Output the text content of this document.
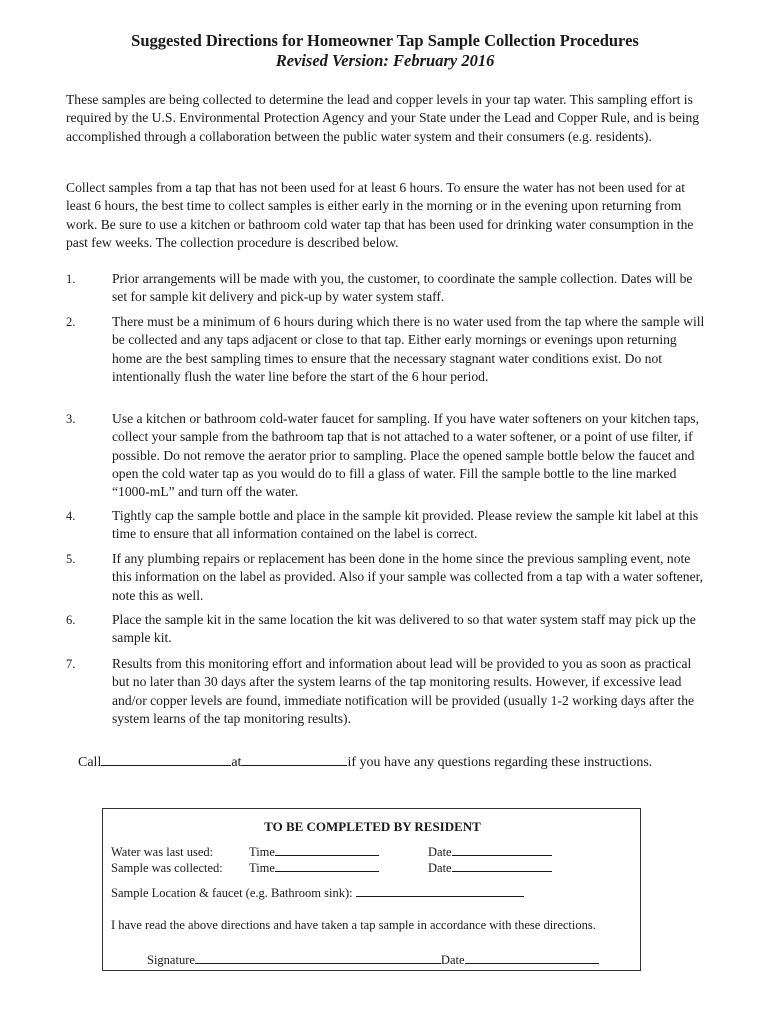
Suggested Directions for Homeowner Tap Sample Collection Procedures
Revised Version: February 2016

These samples are being collected to determine the lead and copper levels in your tap water. This sampling effort is required by the U.S. Environmental Protection Agency and your State under the Lead and Copper Rule, and is being accomplished through a collaboration between the public water system and their consumers (e.g. residents).

Collect samples from a tap that has not been used for at least 6 hours. To ensure the water has not been used for at least 6 hours, the best time to collect samples is either early in the morning or in the evening upon returning from work. Be sure to use a kitchen or bathroom cold water tap that has been used for drinking water consumption in the past few weeks. The collection procedure is described below.

1.	Prior arrangements will be made with you, the customer, to coordinate the sample collection. Dates will be set for sample kit delivery and pick-up by water system staff.
2.	There must be a minimum of 6 hours during which there is no water used from the tap where the sample will be collected and any taps adjacent or close to that tap. Either early mornings or evenings upon returning home are the best sampling times to ensure that the necessary stagnant water conditions exist. Do not intentionally flush the water line before the start of the 6 hour period.
3.	Use a kitchen or bathroom cold-water faucet for sampling. If you have water softeners on your kitchen taps, collect your sample from the bathroom tap that is not attached to a water softener, or a point of use filter, if possible. Do not remove the aerator prior to sampling. Place the opened sample bottle below the faucet and open the cold water tap as you would do to fill a glass of water. Fill the sample bottle to the line marked “1000-mL” and turn off the water.
4.	Tightly cap the sample bottle and place in the sample kit provided. Please review the sample kit label at this time to ensure that all information contained on the label is correct.
5.	If any plumbing repairs or replacement has been done in the home since the previous sampling event, note this information on the label as provided. Also if your sample was collected from a tap with a water softener, note this as well.
6.	Place the sample kit in the same location the kit was delivered to so that water system staff may pick up the sample kit.
7.	Results from this monitoring effort and information about lead will be provided to you as soon as practical but no later than 30 days after the system learns of the tap monitoring results. However, if excessive lead and/or copper levels are found, immediate notification will be provided (usually 1-2 working days after the system learns of the tap monitoring results).
Call	at	if you have any questions regarding these instructions.
TO BE COMPLETED BY RESIDENT
Water was last used:	Time	Date
Sample was collected: Time	Date
Sample Location & faucet (e.g. Bathroom sink):
I have read the above directions and have taken a tap sample in accordance with these directions.
Signature	Date
